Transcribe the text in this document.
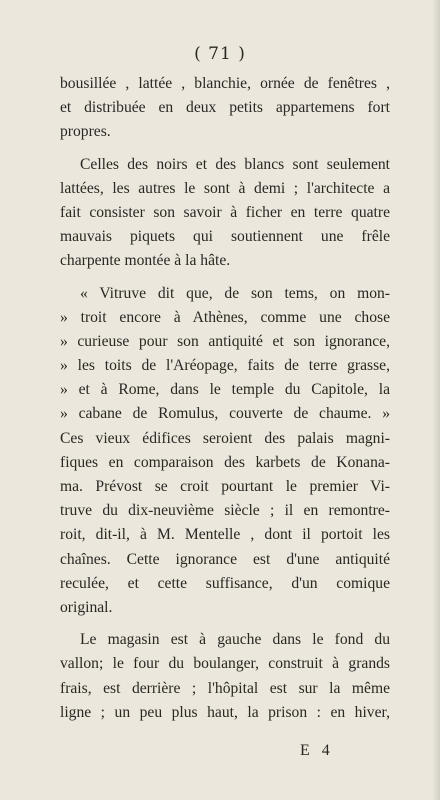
( 71 )
bousillée , lattée , blanchie, ornée de fenêtres ,
et distribuée en deux petits appartemens fort
propres.
Celles des noirs et des blancs sont seulement
lattées, les autres le sont à demi ; l'architecte a
fait consister son savoir à ficher en terre quatre
mauvais piquets qui soutiennent une frêle
charpente montée à la hâte.
« Vitruve dit que, de son tems, on mon-
» troit encore à Athènes, comme une chose
» curieuse pour son antiquité et son ignorance,
» les toits de l'Aréopage, faits de terre grasse,
» et à Rome, dans le temple du Capitole, la
» cabane de Romulus, couverte de chaume. »
Ces vieux édifices seroient des palais magni-
fiques en comparaison des karbets de Konana-
ma. Prévost se croit pourtant le premier Vi-
truve du dix-neuvième siècle ; il en remontre-
roit, dit-il, à M. Mentelle , dont il portoit les
chaînes. Cette ignorance est d'une antiquité
reculée, et cette suffisance, d'un comique
original.
Le magasin est à gauche dans le fond du
vallon; le four du boulanger, construit à grands
frais, est derrière ; l'hôpital est sur la même
ligne ; un peu plus haut, la prison : en hiver,
E 4
